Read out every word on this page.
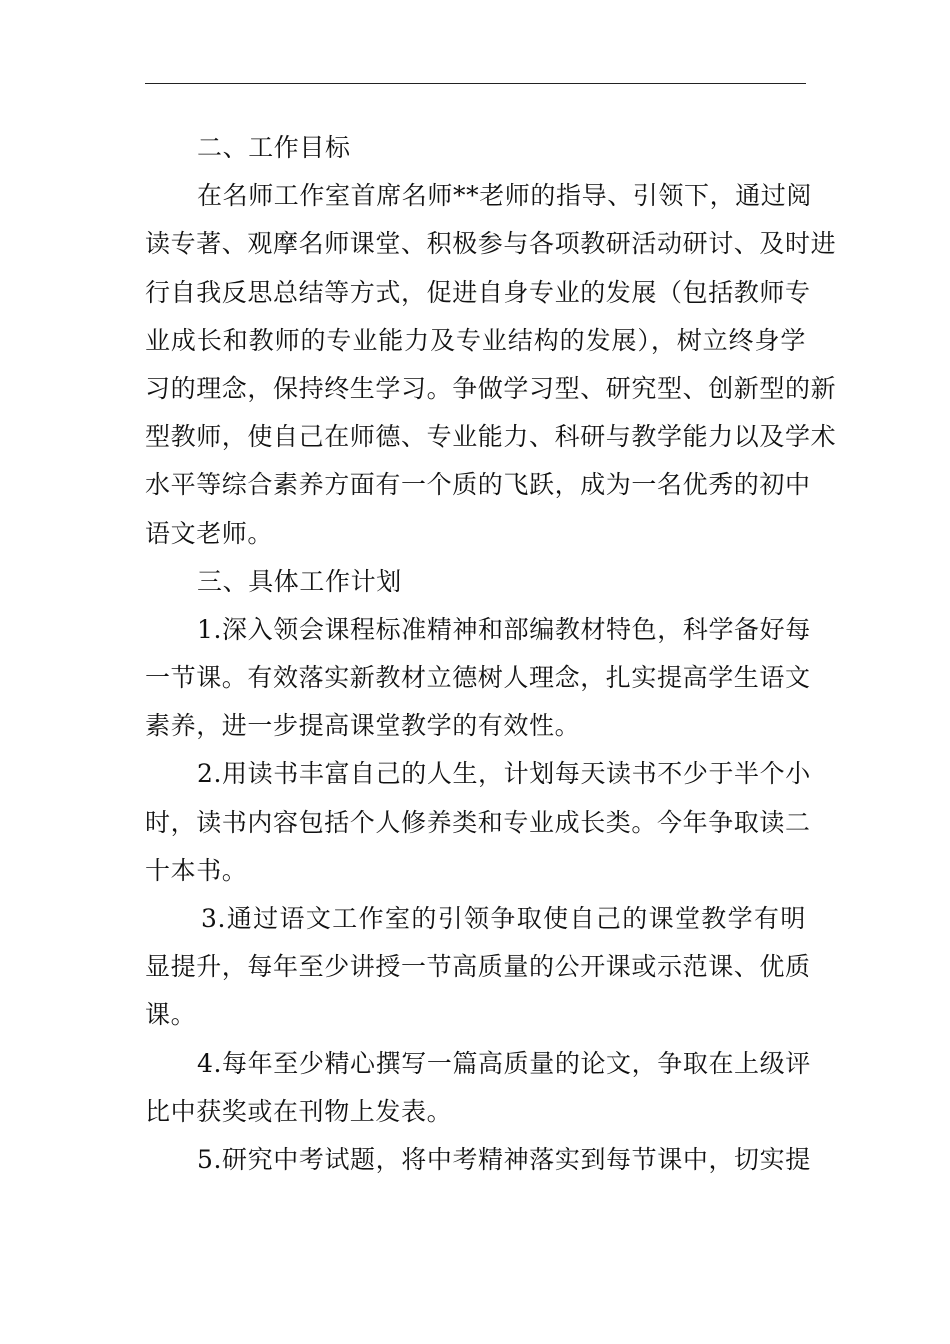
二、工作目标
在名师工作室首席名师**老师的指导、引领下，通过阅
读专著、观摩名师课堂、积极参与各项教研活动研讨、及时进
行自我反思总结等方式，促进自身专业的发展（包括教师专
业成长和教师的专业能力及专业结构的发展），树立终身学
习的理念，保持终生学习。争做学习型、研究型、创新型的新
型教师，使自己在师德、专业能力、科研与教学能力以及学术
水平等综合素养方面有一个质的飞跃，成为一名优秀的初中
语文老师。
三、具体工作计划
1.深入领会课程标准精神和部编教材特色，科学备好每
一节课。有效落实新教材立德树人理念，扎实提高学生语文
素养，进一步提高课堂教学的有效性。
2.用读书丰富自己的人生，计划每天读书不少于半个小
时，读书内容包括个人修养类和专业成长类。今年争取读二
十本书。
3.通过语文工作室的引领争取使自己的课堂教学有明
显提升，每年至少讲授一节高质量的公开课或示范课、优质
课。
4.每年至少精心撰写一篇高质量的论文，争取在上级评
比中获奖或在刊物上发表。
5.研究中考试题，将中考精神落实到每节课中，切实提
